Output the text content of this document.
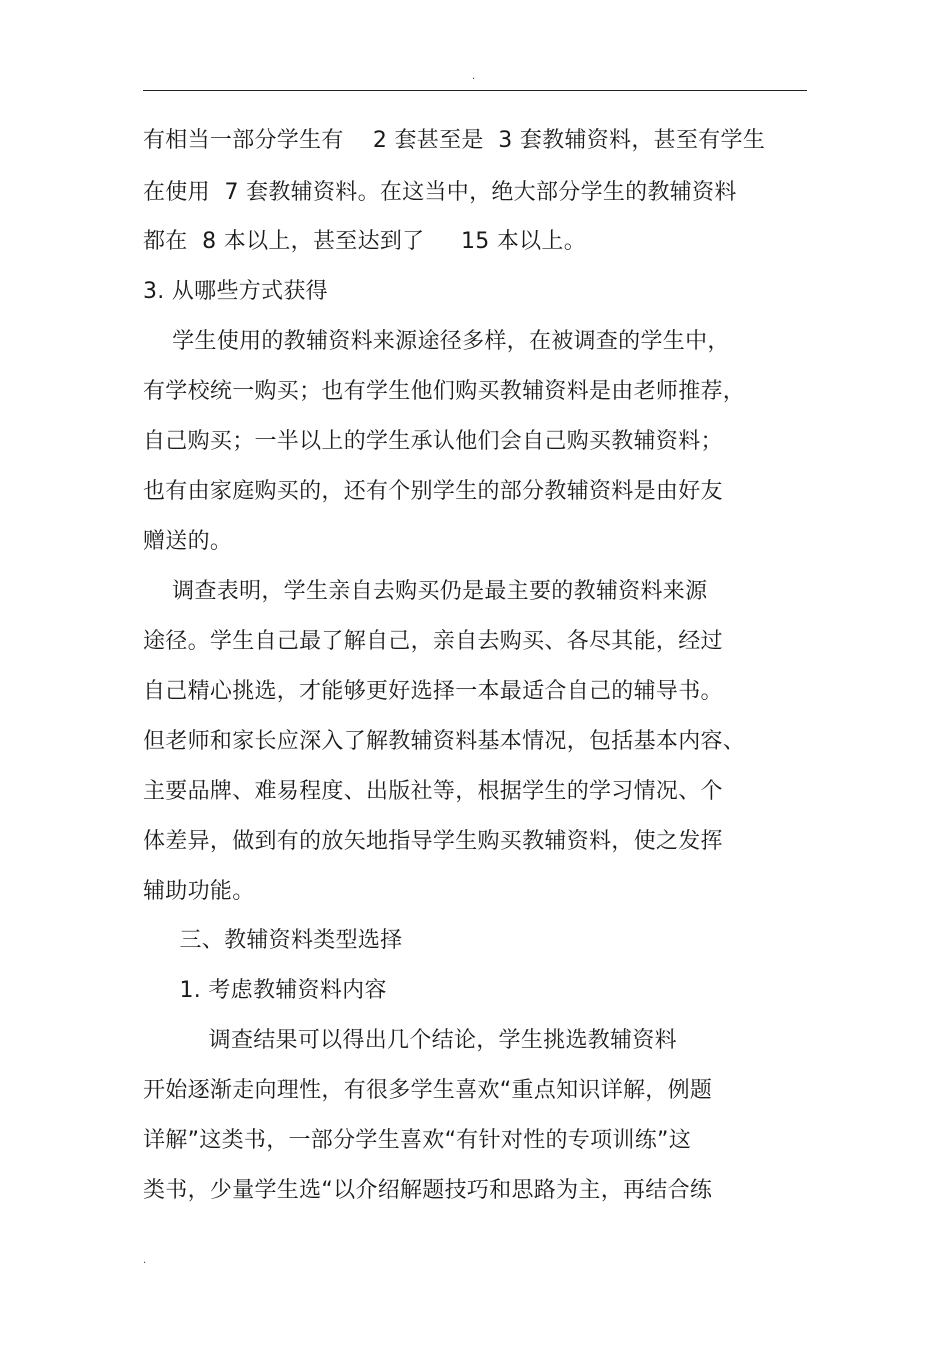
.
有相当一部分学生有    2 套甚至是  3 套教辅资料，甚至有学生
在使用  7 套教辅资料。在这当中，绝大部分学生的教辅资料
都在  8 本以上，甚至达到了     15 本以上。
3. 从哪些方式获得
学生使用的教辅资料来源途径多样，在被调查的学生中，
有学校统一购买；也有学生他们购买教辅资料是由老师推荐，
自己购买；一半以上的学生承认他们会自己购买教辅资料；
也有由家庭购买的，还有个别学生的部分教辅资料是由好友
赠送的。
调查表明，学生亲自去购买仍是最主要的教辅资料来源
途径。学生自己最了解自己，亲自去购买、各尽其能，经过
自己精心挑选，才能够更好选择一本最适合自己的辅导书。
但老师和家长应深入了解教辅资料基本情况，包括基本内容、
主要品牌、难易程度、出版社等，根据学生的学习情况、个
体差异，做到有的放矢地指导学生购买教辅资料，使之发挥
辅助功能。
三、教辅资料类型选择
1. 考虑教辅资料内容
调查结果可以得出几个结论，学生挑选教辅资料
开始逐渐走向理性，有很多学生喜欢“重点知识详解，例题
详解”这类书，一部分学生喜欢“有针对性的专项训练”这
类书，少量学生选“以介绍解题技巧和思路为主，再结合练
.
